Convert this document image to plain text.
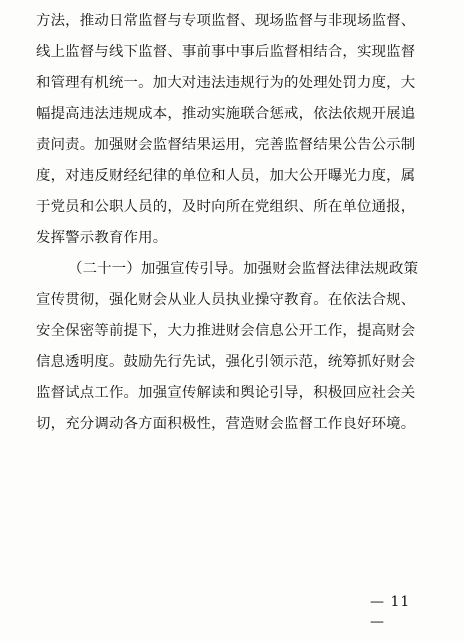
方法，推动日常监督与专项监督、现场监督与非现场监督、
线上监督与线下监督、事前事中事后监督相结合，实现监督
和管理有机统一。加大对违法违规行为的处理处罚力度，大
幅提高违法违规成本，推动实施联合惩戒，依法依规开展追
责问责。加强财会监督结果运用，完善监督结果公告公示制
度，对违反财经纪律的单位和人员，加大公开曝光力度，属
于党员和公职人员的，及时向所在党组织、所在单位通报，
发挥警示教育作用。
（二十一）加强宣传引导。加强财会监督法律法规政策
宣传贯彻，强化财会从业人员执业操守教育。在依法合规、
安全保密等前提下，大力推进财会信息公开工作，提高财会
信息透明度。鼓励先行先试，强化引领示范，统筹抓好财会
监督试点工作。加强宣传解读和舆论引导，积极回应社会关
切，充分调动各方面积极性，营造财会监督工作良好环境。
— 11 —
